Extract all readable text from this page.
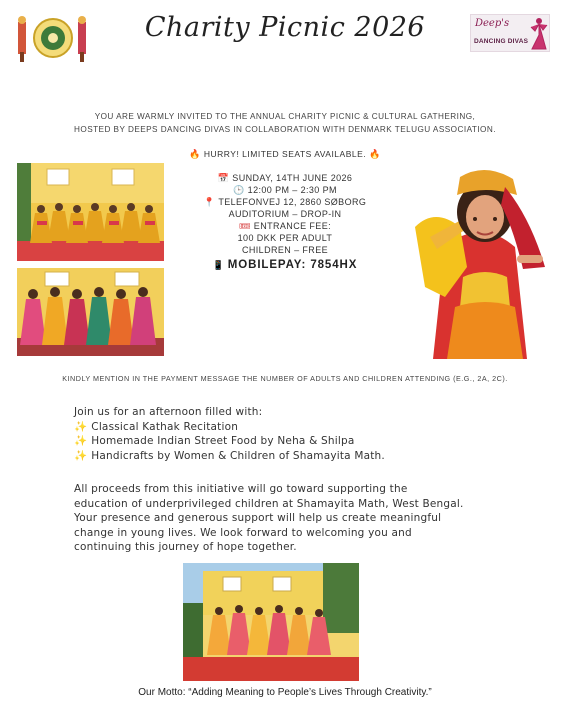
Charity Picnic 2026	Deep's
DANCING DIVAS
YOU ARE WARMLY INVITED TO THE ANNUAL CHARITY PICNIC & CULTURAL GATHERING,
HOSTED BY DEEPS DANCING DIVAS IN COLLABORATION WITH DENMARK TELUGU ASSOCIATION.
🔥 HURRY! LIMITED SEATS AVAILABLE. 🔥
📅 SUNDAY, 14TH JUNE 2026
🕒 12:00 PM – 2:30 PM
📍 TELEFONVEJ 12, 2860 SØBORG
AUDITORIUM – DROP-IN
🎟 ENTRANCE FEE:
100 DKK PER ADULT
CHILDREN – FREE
📱 MOBILEPAY: 7854HX
KINDLY MENTION IN THE PAYMENT MESSAGE THE NUMBER OF ADULTS AND CHILDREN ATTENDING (E.G., 2A, 2C).
Join us for an afternoon filled with:
✨ Classical Kathak Recitation
✨ Homemade Indian Street Food by Neha & Shilpa
✨ Handicrafts by Women & Children of Shamayita Math.
All proceeds from this initiative will go toward supporting the
education of underprivileged children at Shamayita Math, West Bengal.
Your presence and generous support will help us create meaningful
change in young lives. We look forward to welcoming you and
continuing this journey of hope together.
Our Motto: “Adding Meaning to People’s Lives Through Creativity.”
